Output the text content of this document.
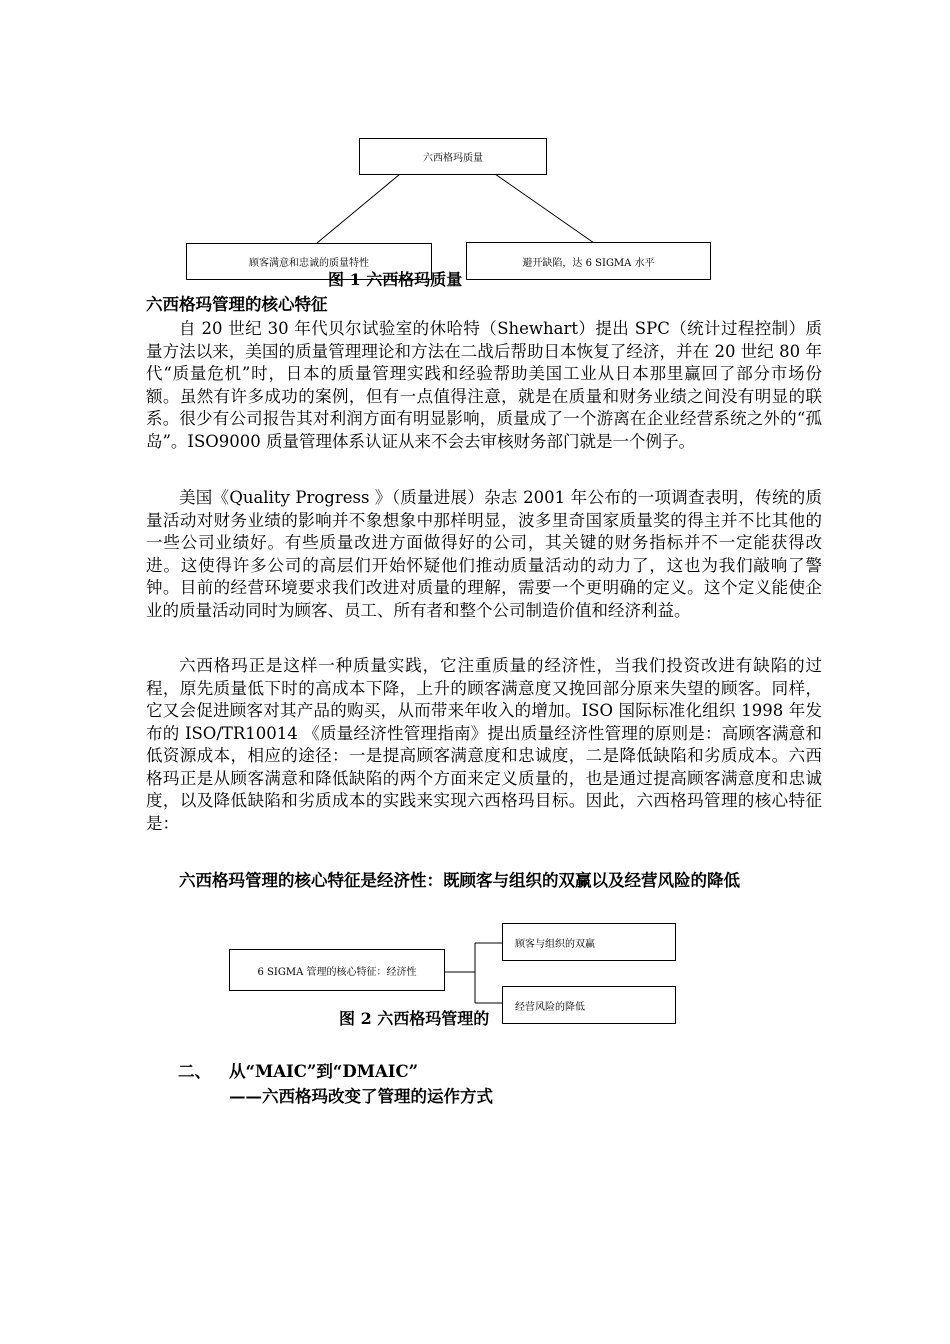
六西格玛质量
顾客满意和忠诚的质量特性	避开缺陷，达 6 SIGMA 水平
图 1 六西格玛质量
六西格玛管理的核心特征

自 20 世纪 30 年代贝尔试验室的休哈特（Shewhart）提出 SPC（统计过程控制）质量方法以来，美国的质量管理理论和方法在二战后帮助日本恢复了经济，并在 20 世纪 80 年代“质量危机”时，日本的质量管理实践和经验帮助美国工业从日本那里赢回了部分市场份额。虽然有许多成功的案例，但有一点值得注意，就是在质量和财务业绩之间没有明显的联系。很少有公司报告其对利润方面有明显影响，质量成了一个游离在企业经营系统之外的“孤岛”。ISO9000 质量管理体系认证从来不会去审核财务部门就是一个例子。

美国《Quality Progress 》（质量进展）杂志 2001 年公布的一项调查表明，传统的质量活动对财务业绩的影响并不象想象中那样明显，波多里奇国家质量奖的得主并不比其他的一些公司业绩好。有些质量改进方面做得好的公司，其关键的财务指标并不一定能获得改进。这使得许多公司的高层们开始怀疑他们推动质量活动的动力了，这也为我们敲响了警钟。目前的经营环境要求我们改进对质量的理解，需要一个更明确的定义。这个定义能使企业的质量活动同时为顾客、员工、所有者和整个公司制造价值和经济利益。

六西格玛正是这样一种质量实践，它注重质量的经济性，当我们投资改进有缺陷的过程，原先质量低下时的高成本下降，上升的顾客满意度又挽回部分原来失望的顾客。同样，它又会促进顾客对其产品的购买，从而带来年收入的增加。ISO 国际标准化组织 1998 年发布的 ISO/TR10014 《质量经济性管理指南》提出质量经济性管理的原则是：高顾客满意和低资源成本，相应的途径：一是提高顾客满意度和忠诚度，二是降低缺陷和劣质成本。六西格玛正是从顾客满意和降低缺陷的两个方面来定义质量的，也是通过提高顾客满意度和忠诚度，以及降低缺陷和劣质成本的实践来实现六西格玛目标。因此，六西格玛管理的核心特征是：

六西格玛管理的核心特征是经济性：既顾客与组织的双赢以及经营风险的降低

6 SIGMA 管理的核心特征：经济性
图 2 六西格玛管理的
顾客与组织的双赢
经营风险的降低
二、 从“MAIC”到“DMAIC”
——六西格玛改变了管理的运作方式
